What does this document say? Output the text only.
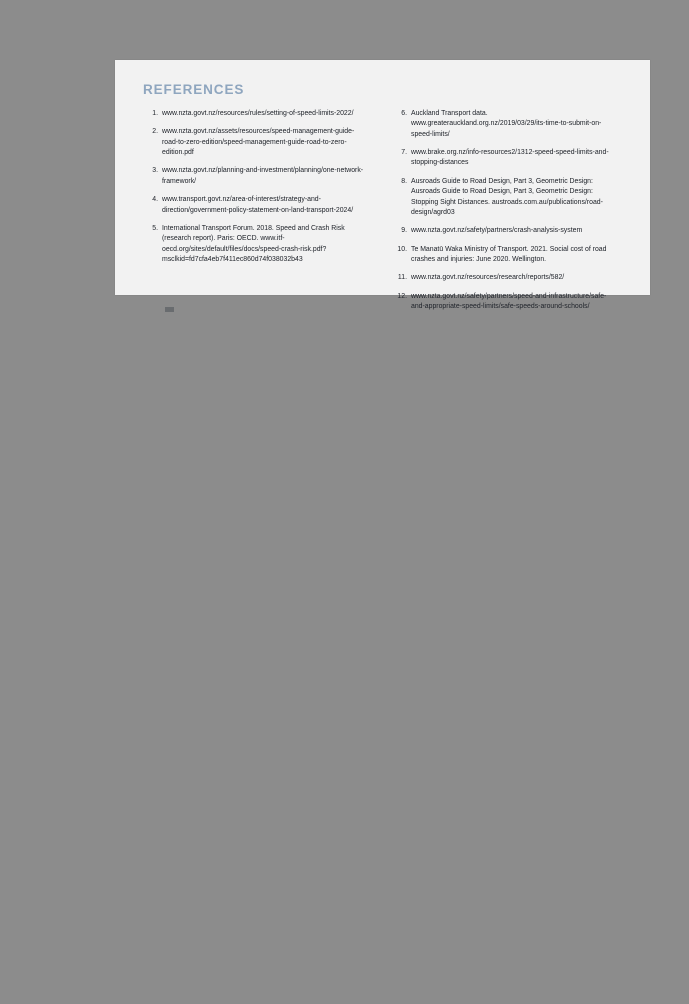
REFERENCES
1. www.nzta.govt.nz/resources/rules/setting-of-speed-limits-2022/
2. www.nzta.govt.nz/assets/resources/speed-management-guide-road-to-zero-edition/speed-management-guide-road-to-zero-edition.pdf
3. www.nzta.govt.nz/planning-and-investment/planning/one-network-framework/
4. www.transport.govt.nz/area-of-interest/strategy-and-direction/government-policy-statement-on-land-transport-2024/
5. International Transport Forum. 2018. Speed and Crash Risk (research report). Paris: OECD. www.itf-oecd.org/sites/default/files/docs/speed-crash-risk.pdf?msclkid=fd7cfa4eb7f411ec860d74f038032b43
6. Auckland Transport data. www.greaterauckland.org.nz/2019/03/29/its-time-to-submit-on-speed-limits/
7. www.brake.org.nz/info-resources2/1312-speed-speed-limits-and-stopping-distances
8. Ausroads Guide to Road Design, Part 3, Geometric Design: Ausroads Guide to Road Design, Part 3, Geometric Design: Stopping Sight Distances. austroads.com.au/publications/road-design/agrd03
9. www.nzta.govt.nz/safety/partners/crash-analysis-system
10. Te Manatū Waka Ministry of Transport. 2021. Social cost of road crashes and injuries: June 2020. Wellington.
11. www.nzta.govt.nz/resources/research/reports/582/
12. www.nzta.govt.nz/safety/partners/speed-and-infrastructure/safe-and-appropriate-speed-limits/safe-speeds-around-schools/
